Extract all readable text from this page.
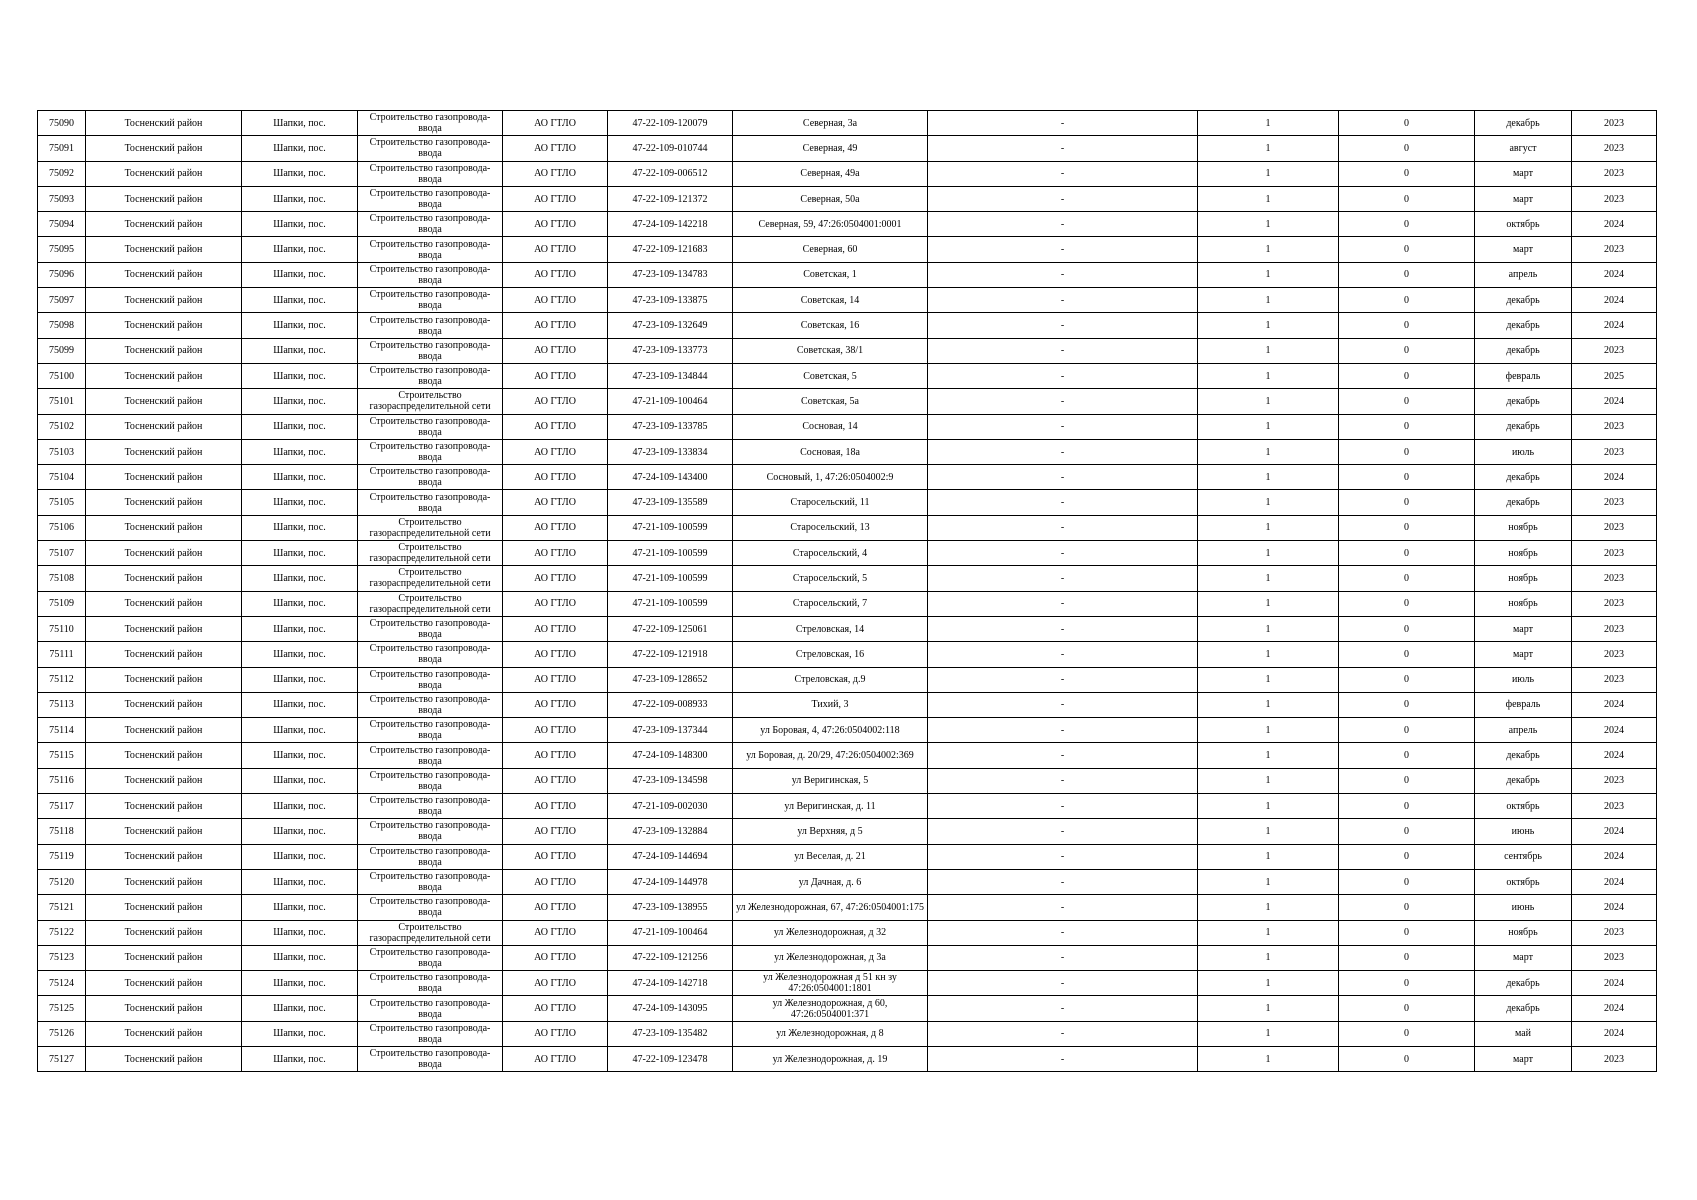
75090	Тосненский район	Шапки, пос.	Строительство газопровода-ввода	АО ГТЛО	47-22-109-120079	Северная, 3а	-	1	0	декабрь	2023
75091	Тосненский район	Шапки, пос.	Строительство газопровода-ввода	АО ГТЛО	47-22-109-010744	Северная, 49	-	1	0	август	2023
75092	Тосненский район	Шапки, пос.	Строительство газопровода-ввода	АО ГТЛО	47-22-109-006512	Северная, 49а	-	1	0	март	2023
75093	Тосненский район	Шапки, пос.	Строительство газопровода-ввода	АО ГТЛО	47-22-109-121372	Северная, 50а	-	1	0	март	2023
75094	Тосненский район	Шапки, пос.	Строительство газопровода-ввода	АО ГТЛО	47-24-109-142218	Северная, 59, 47:26:0504001:0001	-	1	0	октябрь	2024
75095	Тосненский район	Шапки, пос.	Строительство газопровода-ввода	АО ГТЛО	47-22-109-121683	Северная, 60	-	1	0	март	2023
75096	Тосненский район	Шапки, пос.	Строительство газопровода-ввода	АО ГТЛО	47-23-109-134783	Советская, 1	-	1	0	апрель	2024
75097	Тосненский район	Шапки, пос.	Строительство газопровода-ввода	АО ГТЛО	47-23-109-133875	Советская, 14	-	1	0	декабрь	2024
75098	Тосненский район	Шапки, пос.	Строительство газопровода-ввода	АО ГТЛО	47-23-109-132649	Советская, 16	-	1	0	декабрь	2024
75099	Тосненский район	Шапки, пос.	Строительство газопровода-ввода	АО ГТЛО	47-23-109-133773	Советская, 38/1	-	1	0	декабрь	2023
75100	Тосненский район	Шапки, пос.	Строительство газопровода-ввода	АО ГТЛО	47-23-109-134844	Советская, 5	-	1	0	февраль	2025
75101	Тосненский район	Шапки, пос.	Строительство газораспределительной сети	АО ГТЛО	47-21-109-100464	Советская, 5а	-	1	0	декабрь	2024
75102	Тосненский район	Шапки, пос.	Строительство газопровода-ввода	АО ГТЛО	47-23-109-133785	Сосновая, 14	-	1	0	декабрь	2023
75103	Тосненский район	Шапки, пос.	Строительство газопровода-ввода	АО ГТЛО	47-23-109-133834	Сосновая, 18а	-	1	0	июль	2023
75104	Тосненский район	Шапки, пос.	Строительство газопровода-ввода	АО ГТЛО	47-24-109-143400	Сосновый, 1, 47:26:0504002:9	-	1	0	декабрь	2024
75105	Тосненский район	Шапки, пос.	Строительство газопровода-ввода	АО ГТЛО	47-23-109-135589	Старосельский, 11	-	1	0	декабрь	2023
75106	Тосненский район	Шапки, пос.	Строительство газораспределительной сети	АО ГТЛО	47-21-109-100599	Старосельский, 13	-	1	0	ноябрь	2023
75107	Тосненский район	Шапки, пос.	Строительство газораспределительной сети	АО ГТЛО	47-21-109-100599	Старосельский, 4	-	1	0	ноябрь	2023
75108	Тосненский район	Шапки, пос.	Строительство газораспределительной сети	АО ГТЛО	47-21-109-100599	Старосельский, 5	-	1	0	ноябрь	2023
75109	Тосненский район	Шапки, пос.	Строительство газораспределительной сети	АО ГТЛО	47-21-109-100599	Старосельский, 7	-	1	0	ноябрь	2023
75110	Тосненский район	Шапки, пос.	Строительство газопровода-ввода	АО ГТЛО	47-22-109-125061	Стреловская, 14	-	1	0	март	2023
75111	Тосненский район	Шапки, пос.	Строительство газопровода-ввода	АО ГТЛО	47-22-109-121918	Стреловская, 16	-	1	0	март	2023
75112	Тосненский район	Шапки, пос.	Строительство газопровода-ввода	АО ГТЛО	47-23-109-128652	Стреловская, д.9	-	1	0	июль	2023
75113	Тосненский район	Шапки, пос.	Строительство газопровода-ввода	АО ГТЛО	47-22-109-008933	Тихий, 3	-	1	0	февраль	2024
75114	Тосненский район	Шапки, пос.	Строительство газопровода-ввода	АО ГТЛО	47-23-109-137344	ул Боровая, 4, 47:26:0504002:118	-	1	0	апрель	2024
75115	Тосненский район	Шапки, пос.	Строительство газопровода-ввода	АО ГТЛО	47-24-109-148300	ул Боровая, д. 20/29, 47:26:0504002:369	-	1	0	декабрь	2024
75116	Тосненский район	Шапки, пос.	Строительство газопровода-ввода	АО ГТЛО	47-23-109-134598	ул Веригинская, 5	-	1	0	декабрь	2023
75117	Тосненский район	Шапки, пос.	Строительство газопровода-ввода	АО ГТЛО	47-21-109-002030	ул Веригинская, д. 11	-	1	0	октябрь	2023
75118	Тосненский район	Шапки, пос.	Строительство газопровода-ввода	АО ГТЛО	47-23-109-132884	ул Верхняя, д 5	-	1	0	июнь	2024
75119	Тосненский район	Шапки, пос.	Строительство газопровода-ввода	АО ГТЛО	47-24-109-144694	ул Веселая, д. 21	-	1	0	сентябрь	2024
75120	Тосненский район	Шапки, пос.	Строительство газопровода-ввода	АО ГТЛО	47-24-109-144978	ул Дачная, д. 6	-	1	0	октябрь	2024
75121	Тосненский район	Шапки, пос.	Строительство газопровода-ввода	АО ГТЛО	47-23-109-138955	ул Железнодорожная, 67, 47:26:0504001:175	-	1	0	июнь	2024
75122	Тосненский район	Шапки, пос.	Строительство газораспределительной сети	АО ГТЛО	47-21-109-100464	ул Железнодорожная, д 32	-	1	0	ноябрь	2023
75123	Тосненский район	Шапки, пос.	Строительство газопровода-ввода	АО ГТЛО	47-22-109-121256	ул Железнодорожная, д 3а	-	1	0	март	2023
75124	Тосненский район	Шапки, пос.	Строительство газопровода-ввода	АО ГТЛО	47-24-109-142718	ул Железнодорожная д 51 кн зу 47:26:0504001:1801	-	1	0	декабрь	2024
75125	Тосненский район	Шапки, пос.	Строительство газопровода-ввода	АО ГТЛО	47-24-109-143095	ул Железнодорожная, д 60, 47:26:0504001:371	-	1	0	декабрь	2024
75126	Тосненский район	Шапки, пос.	Строительство газопровода-ввода	АО ГТЛО	47-23-109-135482	ул Железнодорожная, д 8	-	1	0	май	2024
75127	Тосненский район	Шапки, пос.	Строительство газопровода-ввода	АО ГТЛО	47-22-109-123478	ул Железнодорожная, д. 19	-	1	0	март	2023
